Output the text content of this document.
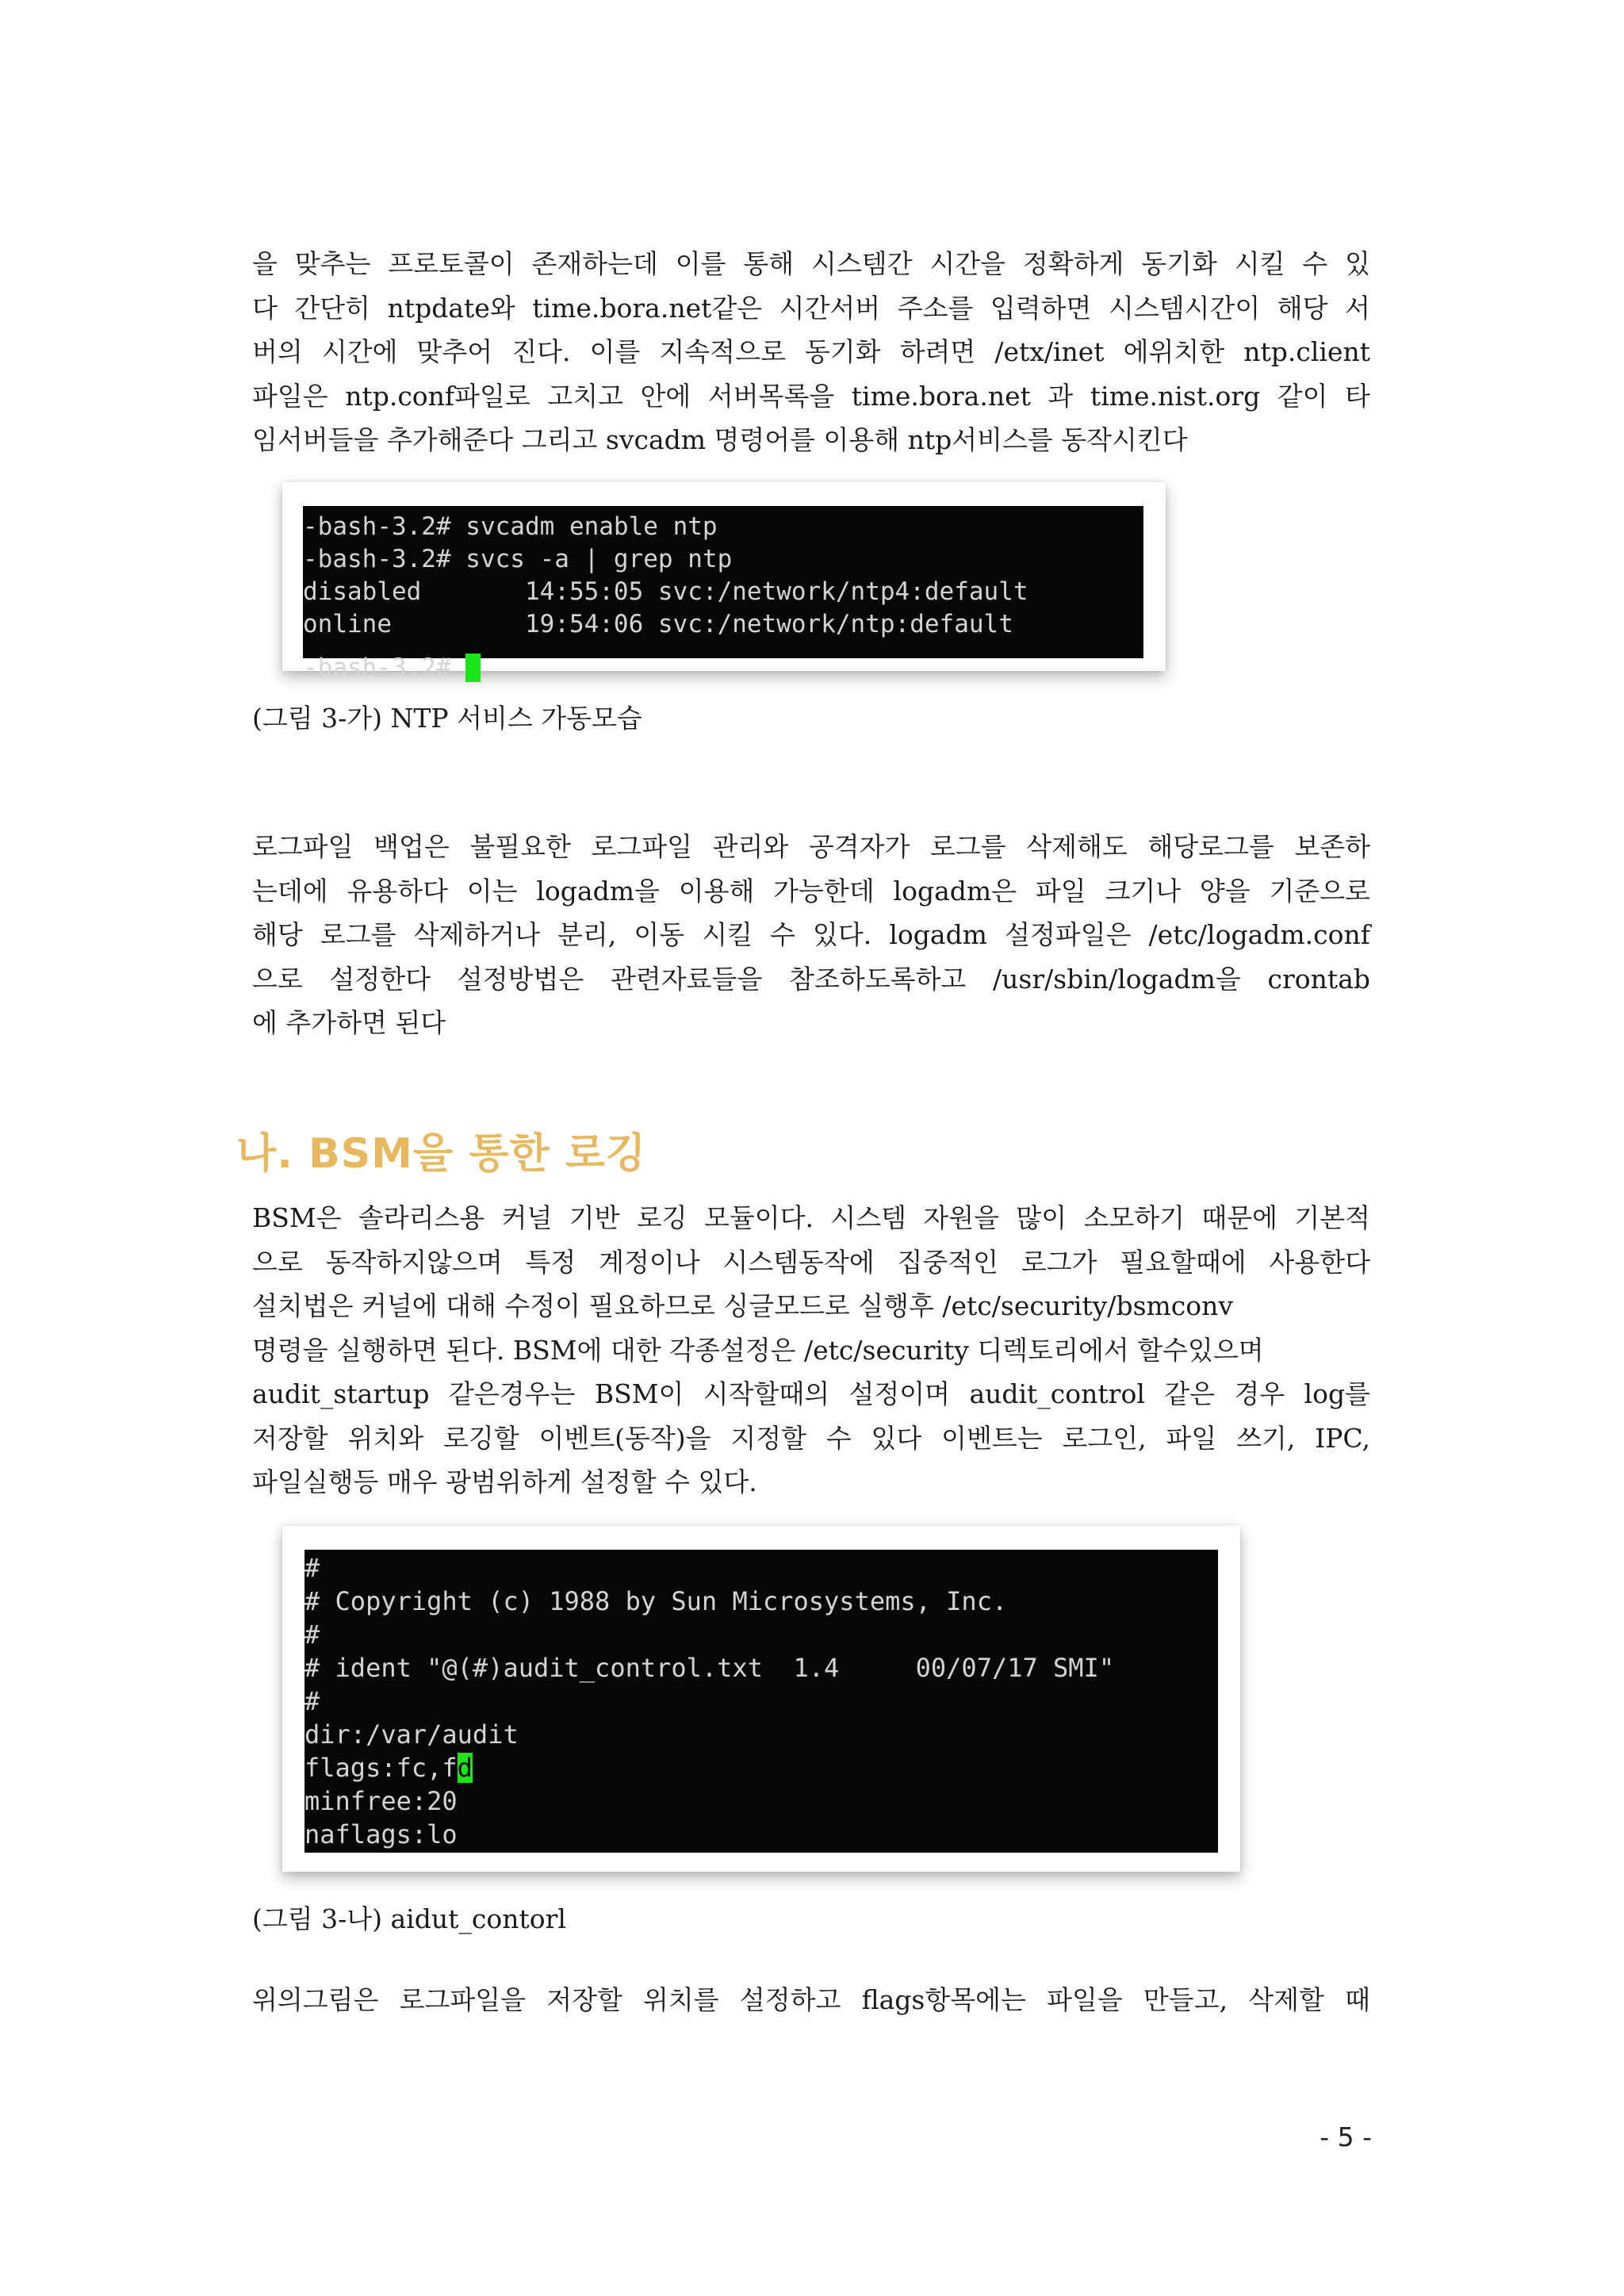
을 맞추는 프로토콜이 존재하는데 이를 통해 시스템간 시간을 정확하게 동기화 시킬 수 있
다 간단히 ntpdate와 time.bora.net같은 시간서버 주소를 입력하면 시스템시간이 해당 서
버의 시간에 맞추어 진다. 이를 지속적으로 동기화 하려면 /etx/inet 에위치한 ntp.client
파일은 ntp.conf파일로 고치고 안에 서버목록을 time.bora.net 과 time.nist.org 같이 타
임서버들을 추가해준다 그리고 svcadm 명령어를 이용해 ntp서비스를 동작시킨다
-bash-3.2# svcadm enable ntp
-bash-3.2# svcs -a | grep ntp
disabled       14:55:05 svc:/network/ntp4:default
online         19:54:06 svc:/network/ntp:default
-bash-3.2#

(그림 3-가) NTP 서비스 가동모습

로그파일 백업은 불필요한 로그파일 관리와 공격자가 로그를 삭제해도 해당로그를 보존하
는데에 유용하다 이는 logadm을 이용해 가능한데 logadm은 파일 크기나 양을 기준으로
해당 로그를 삭제하거나 분리, 이동 시킬 수 있다. logadm 설정파일은 /etc/logadm.conf
으로 설정한다 설정방법은 관련자료들을 참조하도록하고 /usr/sbin/logadm을 crontab
에 추가하면 된다
나. BSM을 통한 로깅
BSM은 솔라리스용 커널 기반 로깅 모듈이다. 시스템 자원을 많이 소모하기 때문에 기본적
으로 동작하지않으며 특정 계정이나 시스템동작에 집중적인 로그가 필요할때에 사용한다
설치법은 커널에 대해 수정이 필요하므로 싱글모드로 실행후 /etc/security/bsmconv
명령을 실행하면 된다. BSM에 대한 각종설정은 /etc/security 디렉토리에서 할수있으며
audit_startup 같은경우는 BSM이 시작할때의 설정이며 audit_control 같은 경우 log를
저장할 위치와 로깅할 이벤트(동작)을 지정할 수 있다 이벤트는 로그인, 파일 쓰기, IPC,
파일실행등 매우 광범위하게 설정할 수 있다.
#
# Copyright (c) 1988 by Sun Microsystems, Inc.
#
# ident "@(#)audit_control.txt  1.4     00/07/17 SMI"
#
dir:/var/audit
flags:fc,fd
minfree:20
naflags:lo

(그림 3-나) aidut_contorl

위의그림은 로그파일을 저장할 위치를 설정하고 flags항목에는 파일을 만들고, 삭제할 때

- 5 -
